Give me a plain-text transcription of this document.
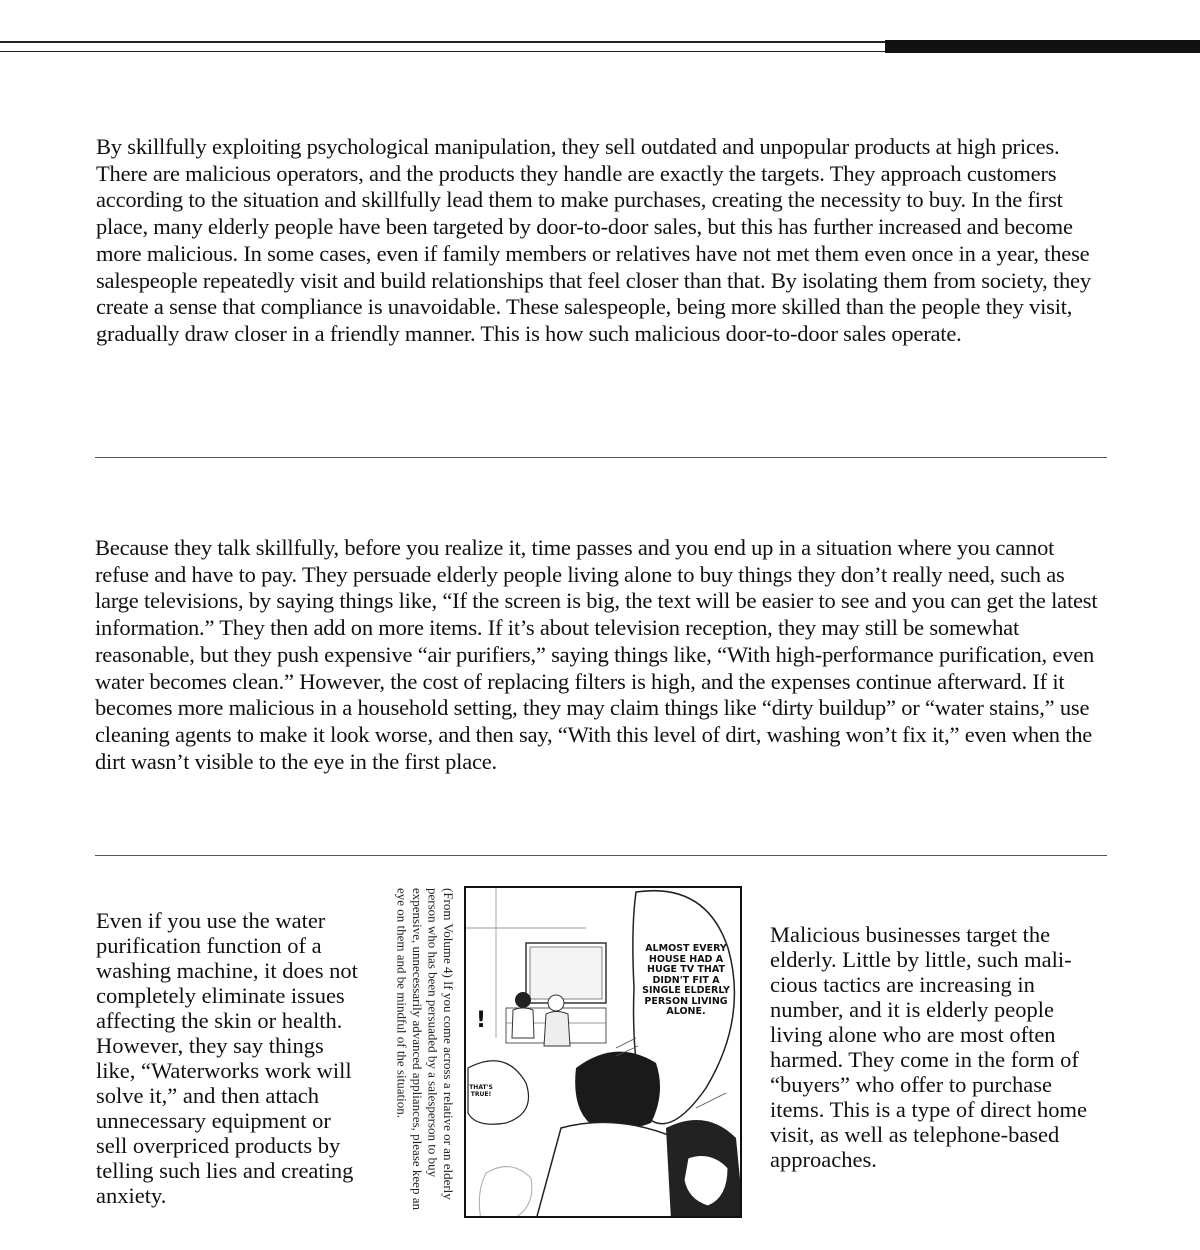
By skillfully exploiting psychological manipulation, they sell outdated and unpopular products at high prices. There are malicious operators, and the products they handle are exactly the targets. They approach customers according to the situation and skillfully lead them to make purchases, creating the necessity to buy. In the first place, many elderly people have been targeted by door-to-door sales, but this has further increased and become more malicious. In some cases, even if family members or relatives have not met them even once in a year, these salespeople repeatedly visit and build relationships that feel closer than that. By isolating them from society, they create a sense that compliance is unavoidable. These salespeople, being more skilled than the people they visit, gradually draw closer in a friendly manner. This is how such malicious door-to-door sales operate.

Because they talk skillfully, before you realize it, time passes and you end up in a situation where you cannot refuse and have to pay. They persuade elderly people living alone to buy things they don’t really need, such as large televisions, by saying things like, “If the screen is big, the text will be easier to see and you can get the latest information.” They then add on more items. If it’s about television reception, they may still be somewhat reasonable, but they push expensive “air purifiers,” saying things like, “With high-performance purification, even water becomes clean.” However, the cost of replacing filters is high, and the expenses continue afterward. If it becomes more malicious in a household setting, they may claim things like “dirty buildup” or “water stains,” use cleaning agents to make it look worse, and then say, “With this level of dirt, washing won’t fix it,” even when the dirt wasn’t visible to the eye in the first place.

Even if you use the water purification function of a washing machine, it does not completely eliminate issues affecting the skin or health. However, they say things like, “Waterworks work will solve it,” and then attach unnecessary equipment or sell overpriced products by telling such lies and creating anxiety.	(From Volume 4) If you come across a relative or an elderly person who has been persuaded by a salesperson to buy expensive, unnecessarily advanced appliances, please keep an eye on them and be mindful of the situation.	ALMOST EVERY HOUSE HAD A HUGE TV THAT DIDN'T FIT A SINGLE ELDERLY PERSON LIVING ALONE.
THAT'S TRUE!
!

Malicious businesses target the elderly. Little by little, such malicious tactics are increasing in number, and it is elderly people living alone who are most often harmed. They come in the form of “buyers” who offer to purchase items. This is a type of direct home visit, as well as telephone-based approaches.
